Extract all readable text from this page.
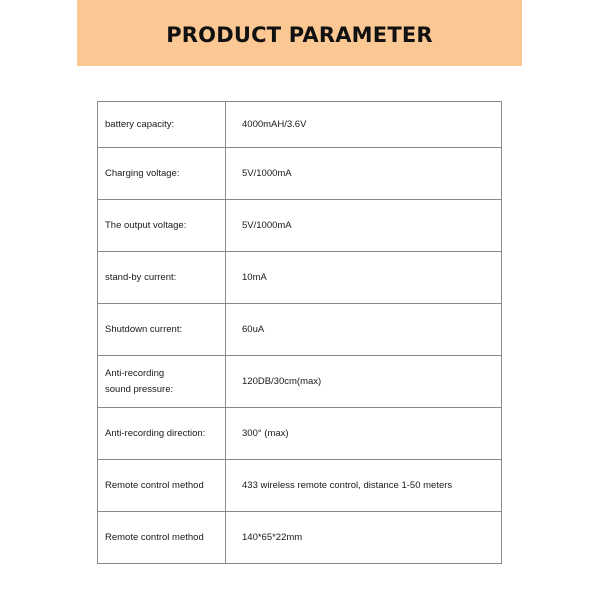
PRODUCT PARAMETER
battery capacity:	4000mAH/3.6V

Charging voltage:	5V/1000mA

The output voltage:	5V/1000mA

stand-by current:	10mA

Shutdown current:	60uA

Anti-recording
sound pressure:	120DB/30cm(max)

Anti-recording direction:	300° (max)

Remote control method	433 wireless remote control, distance 1-50 meters

Remote control method	140*65*22mm
